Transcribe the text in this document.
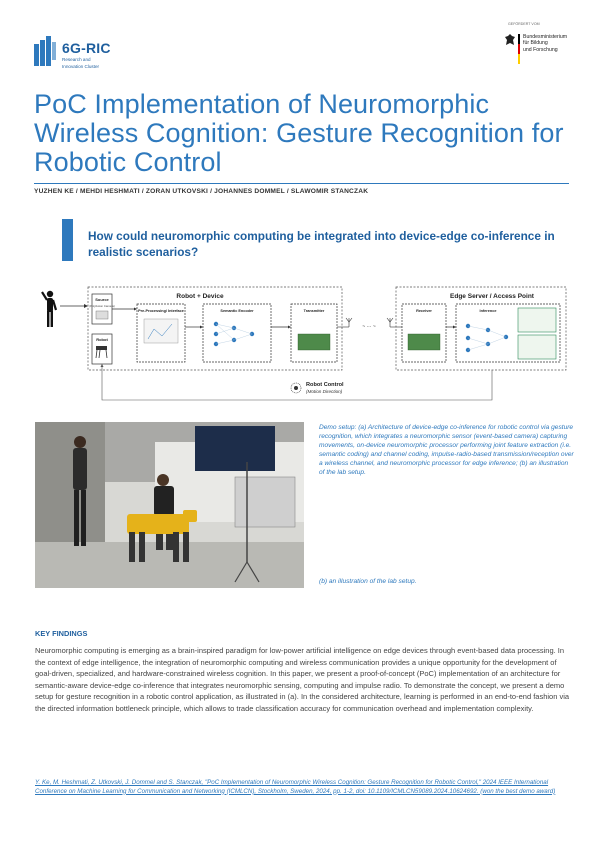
6G-RIC
Research and
Innovation Cluster
GEFÖRDERT VOM
Bundesministerium
für Bildung
und Forschung
PoC Implementation of Neuromorphic Wireless Cognition: Gesture Recognition for Robotic Control
YUZHEN KE / MEHDI HESHMATI / ZORAN UTKOVSKI / JOHANNES DOMMEL / SLAWOMIR STANCZAK
How could neuromorphic computing be integrated into device-edge co-inference in realistic scenarios?
Robot + Device
Source
(Polyfusion Camera)
Robot
Pre-Processing/ Interface	Semantic Encoder	Transmitter
~ ··· ~
Edge Server / Access Point
Receiver	Inference
Robot Control
(Motion Direction)
Demo setup: (a) Architecture of device-edge co-inference for robotic control via gesture recognition, which integrates a neuromorphic sensor (event-based camera) capturing movements, on-device neuromorphic processor performing joint feature extraction (i.e. semantic coding) and channel coding, impulse-radio-based transmission/reception over a wireless channel, and neuromorphic processor for edge inference; (b) an illustration of the lab setup.
(b) an illustration of the lab setup.
KEY FINDINGS
Neuromorphic computing is emerging as a brain-inspired paradigm for low-power artificial intelligence on edge devices through event-based data processing. In the context of edge intelligence, the integration of neuromorphic computing and wireless communication provides a unique opportunity for the development of goal-driven, specialized, and hardware-constrained wireless cognition. In this paper, we present a proof-of-concept (PoC) implementation of an architecture for semantic-aware device-edge co-inference that integrates neuromorphic sensing, computing and impulse radio. To demonstrate the concept, we present a demo setup for gesture recognition in a robotic control application, as illustrated in (a). In the considered architecture, learning is performed in an end-to-end fashion via the directed information bottleneck principle, which allows to trade classification accuracy for communication overhead and implementation complexity.
Y. Ke, M. Heshmati, Z. Utkovski, J. Dommel and S. Stanczak, "PoC Implementation of Neuromorphic Wireless Cognition: Gesture Recognition for Robotic Control," 2024 IEEE International Conference on Machine Learning for Communication and Networking (ICMLCN), Stockholm, Sweden, 2024, pp. 1-2, doi: 10.1109/ICMLCN59089.2024.10624692. (won the best demo award)
